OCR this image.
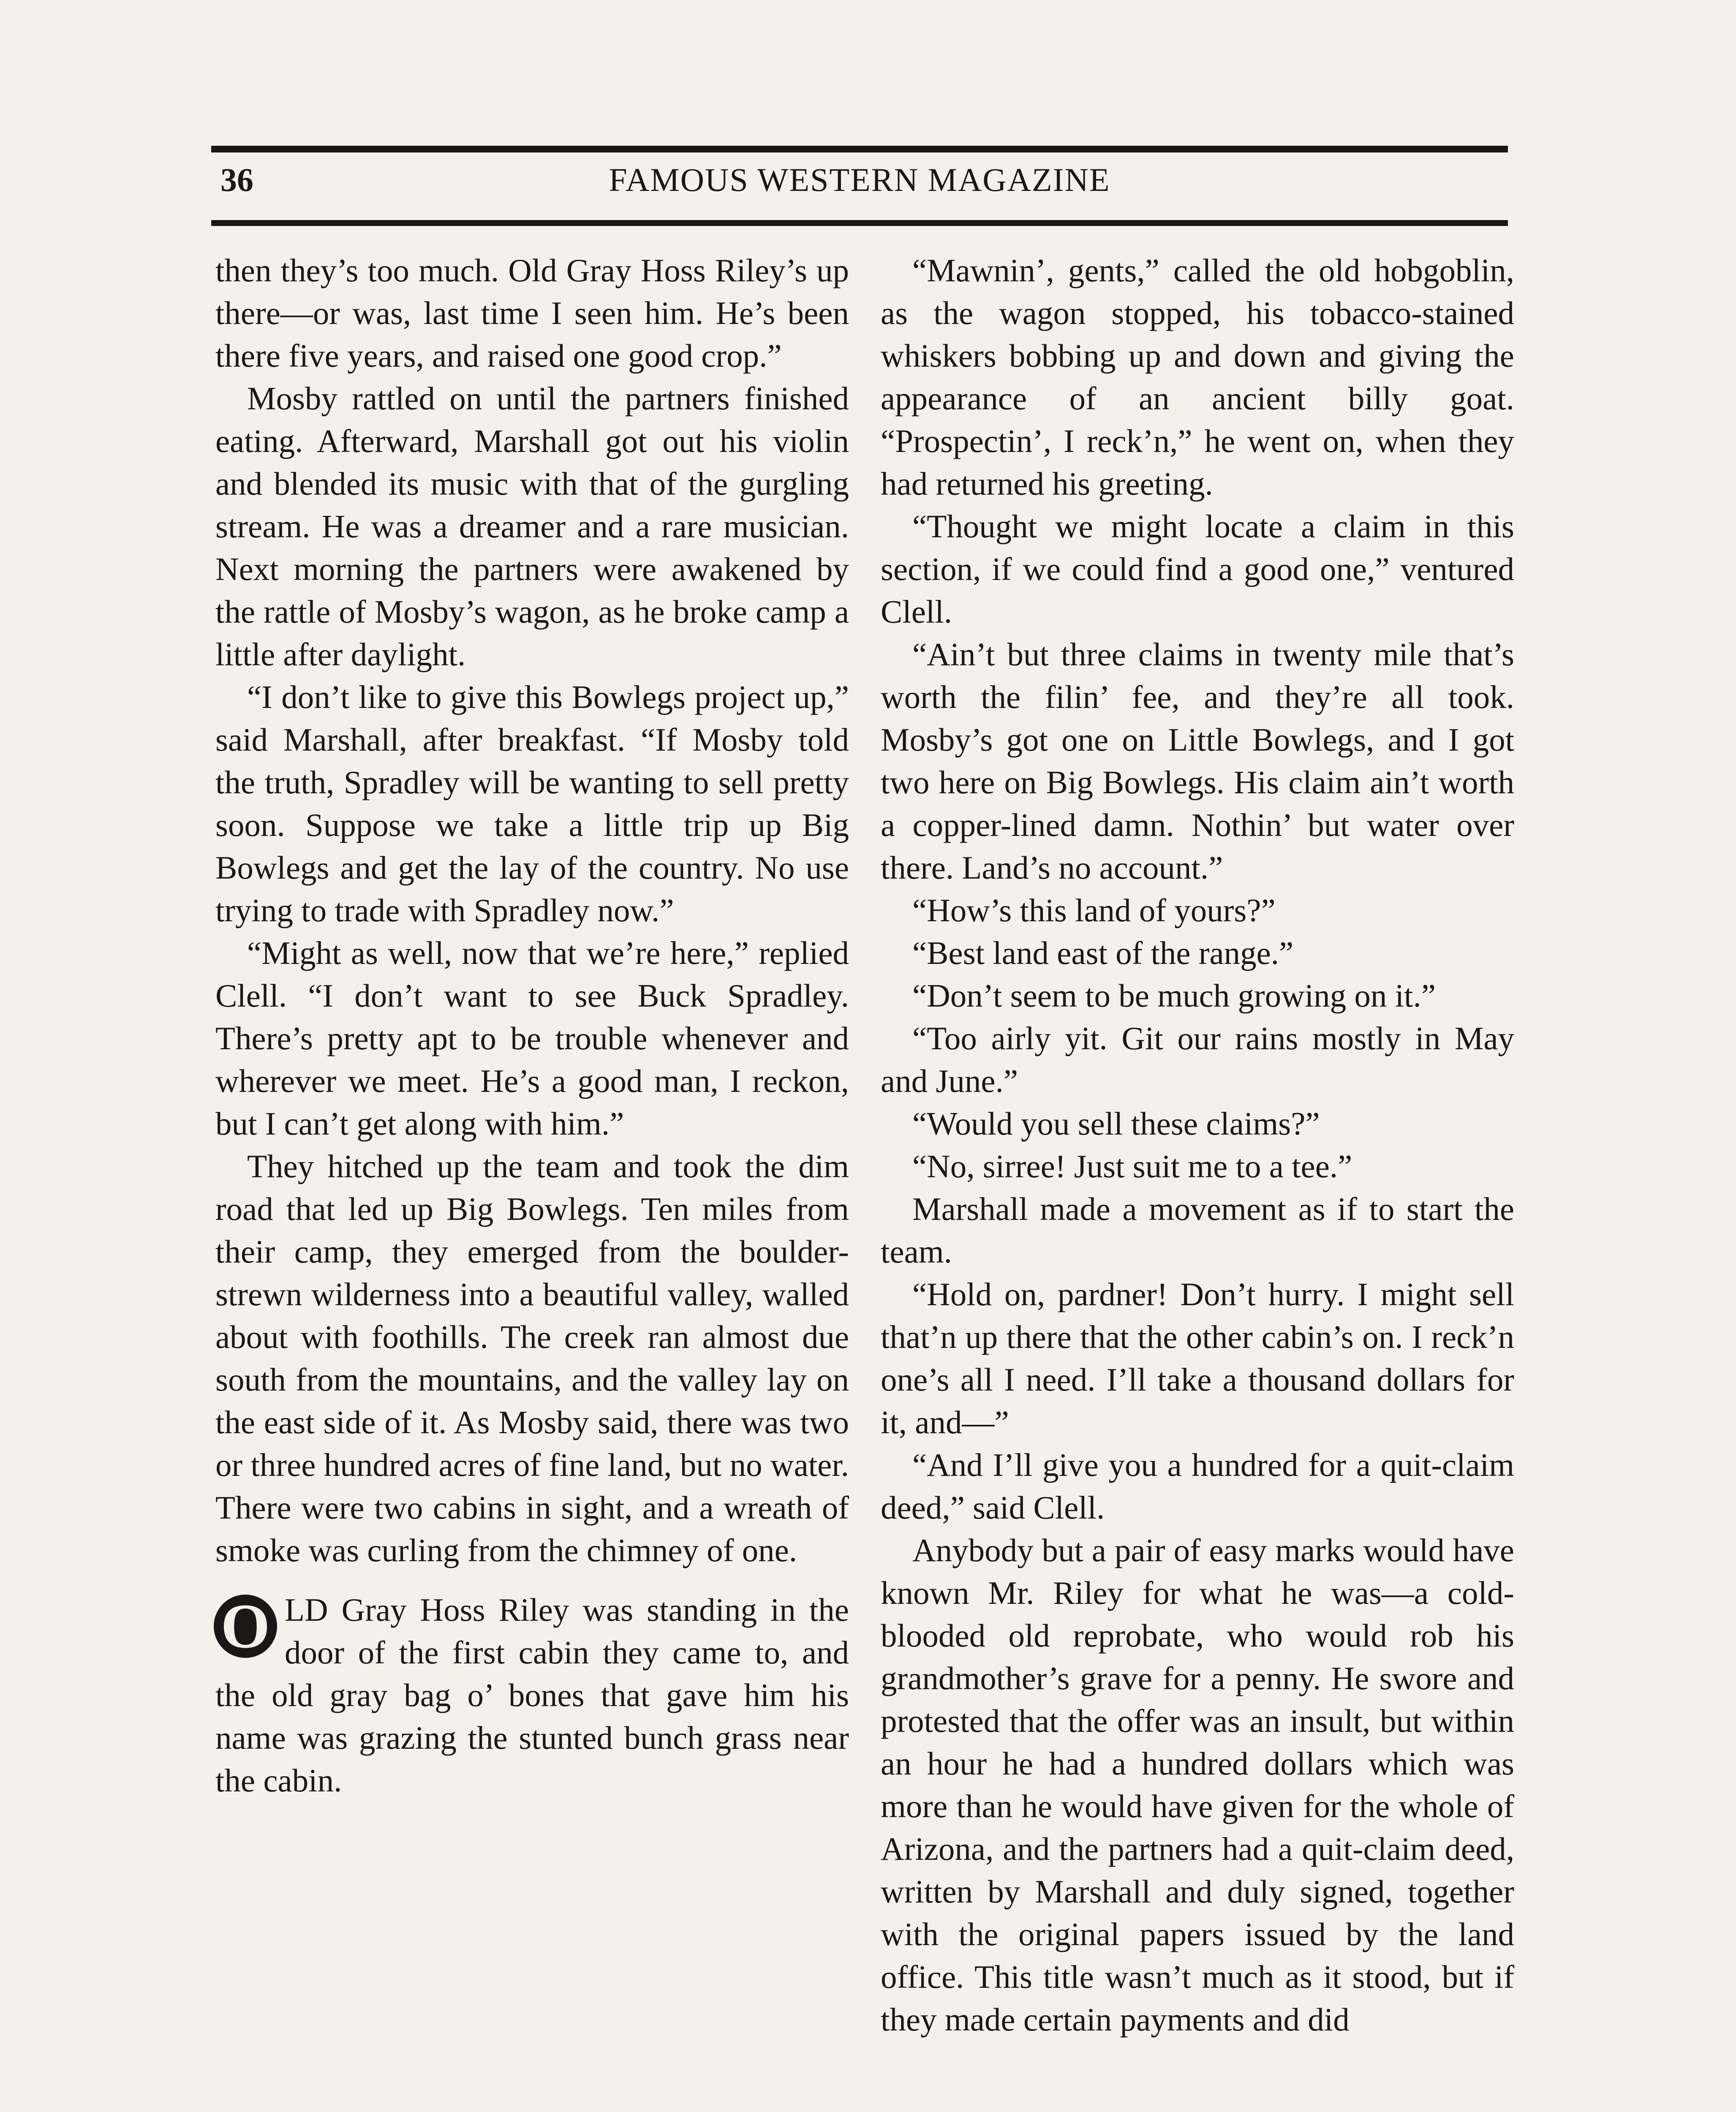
36	FAMOUS WESTERN MAGAZINE

then they’s too much. Old Gray Hoss Riley’s up there—or was, last time I seen him. He’s been there five years, and raised one good crop.”

Mosby rattled on until the partners finished eating. Afterward, Marshall got out his violin and blended its music with that of the gurgling stream. He was a dreamer and a rare musician. Next morning the partners were awakened by the rattle of Mosby’s wagon, as he broke camp a little after daylight.

“I don’t like to give this Bowlegs project up,” said Marshall, after breakfast. “If Mosby told the truth, Spradley will be wanting to sell pretty soon. Suppose we take a little trip up Big Bowlegs and get the lay of the country. No use trying to trade with Spradley now.”

“Might as well, now that we’re here,” replied Clell. “I don’t want to see Buck Spradley. There’s pretty apt to be trouble whenever and wherever we meet. He’s a good man, I reckon, but I can’t get along with him.”

They hitched up the team and took the dim road that led up Big Bowlegs. Ten miles from their camp, they emerged from the boulder-strewn wilderness into a beautiful valley, walled about with foothills. The creek ran almost due south from the mountains, and the valley lay on the east side of it. As Mosby said, there was two or three hundred acres of fine land, but no water. There were two cabins in sight, and a wreath of smoke was curling from the chimney of one.

O LD Gray Hoss Riley was standing in the door of the first cabin they came to, and the old gray bag o’ bones that gave him his name was grazing the stunted bunch grass near the cabin.

“Mawnin’, gents,” called the old hobgoblin, as the wagon stopped, his tobacco-stained whiskers bobbing up and down and giving the appearance of an ancient billy goat. “Prospectin’, I reck’n,” he went on, when they had returned his greeting.

“Thought we might locate a claim in this section, if we could find a good one,” ventured Clell.

“Ain’t but three claims in twenty mile that’s worth the filin’ fee, and they’re all took. Mosby’s got one on Little Bowlegs, and I got two here on Big Bowlegs. His claim ain’t worth a copper-lined damn. Nothin’ but water over there. Land’s no account.”

“How’s this land of yours?”

“Best land east of the range.”

“Don’t seem to be much growing on it.”

“Too airly yit. Git our rains mostly in May and June.”

“Would you sell these claims?”

“No, sirree! Just suit me to a tee.”

Marshall made a movement as if to start the team.

“Hold on, pardner! Don’t hurry. I might sell that’n up there that the other cabin’s on. I reck’n one’s all I need. I’ll take a thousand dollars for it, and—”

“And I’ll give you a hundred for a quit-claim deed,” said Clell.

Anybody but a pair of easy marks would have known Mr. Riley for what he was—a cold-blooded old reprobate, who would rob his grandmother’s grave for a penny. He swore and protested that the offer was an insult, but within an hour he had a hundred dollars which was more than he would have given for the whole of Arizona, and the partners had a quit-claim deed, written by Marshall and duly signed, together with the original papers issued by the land office. This title wasn’t much as it stood, but if they made certain payments and did
